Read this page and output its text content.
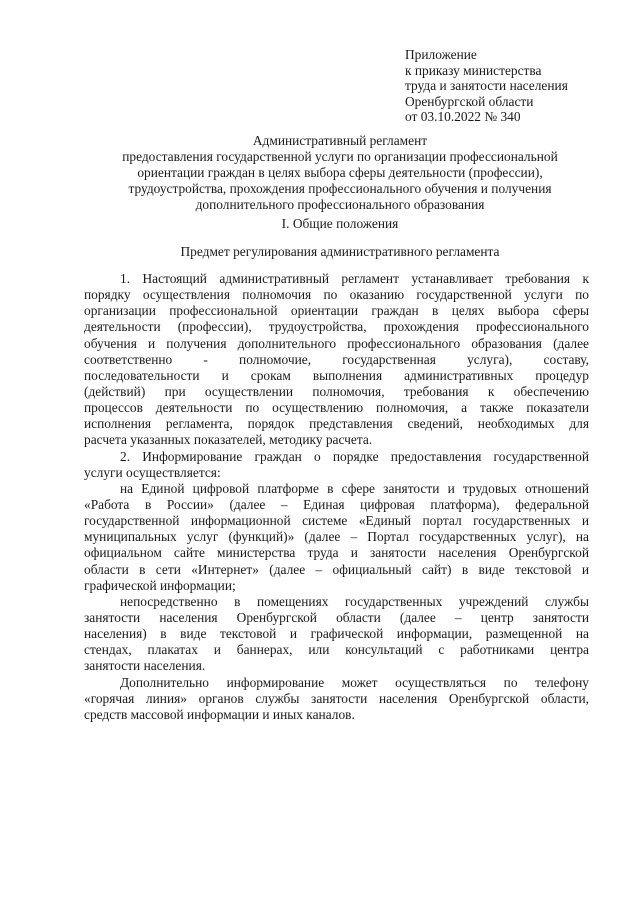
Приложение
к приказу министерства
труда и занятости населения
Оренбургской области
от 03.10.2022 № 340
Административный регламент
предоставления государственной услуги по организации профессиональной
ориентации граждан в целях выбора сферы деятельности (профессии),
трудоустройства, прохождения профессионального обучения и получения
дополнительного профессионального образования
I. Общие положения
Предмет регулирования административного регламента
1. Настоящий административный регламент устанавливает требования к
порядку осуществления полномочия по оказанию государственной услуги по
организации профессиональной ориентации граждан в целях выбора сферы
деятельности (профессии), трудоустройства, прохождения профессионального
обучения и получения дополнительного профессионального образования (далее
соответственно - полномочие, государственная услуга), составу,
последовательности и срокам выполнения административных процедур
(действий) при осуществлении полномочия, требования к обеспечению
процессов деятельности по осуществлению полномочия, а также показатели
исполнения регламента, порядок представления сведений, необходимых для
расчета указанных показателей, методику расчета.
2. Информирование граждан о порядке предоставления государственной
услуги осуществляется:
на Единой цифровой платформе в сфере занятости и трудовых отношений
«Работа в России» (далее – Единая цифровая платформа), федеральной
государственной информационной системе «Единый портал государственных и
муниципальных услуг (функций)» (далее – Портал государственных услуг), на
официальном сайте министерства труда и занятости населения Оренбургской
области в сети «Интернет» (далее – официальный сайт) в виде текстовой и
графической информации;
непосредственно в помещениях государственных учреждений службы
занятости населения Оренбургской области (далее – центр занятости
населения) в виде текстовой и графической информации, размещенной на
стендах, плакатах и баннерах, или консультаций с работниками центра
занятости населения.
Дополнительно информирование может осуществляться по телефону
«горячая линия» органов службы занятости населения Оренбургской области,
средств массовой информации и иных каналов.
